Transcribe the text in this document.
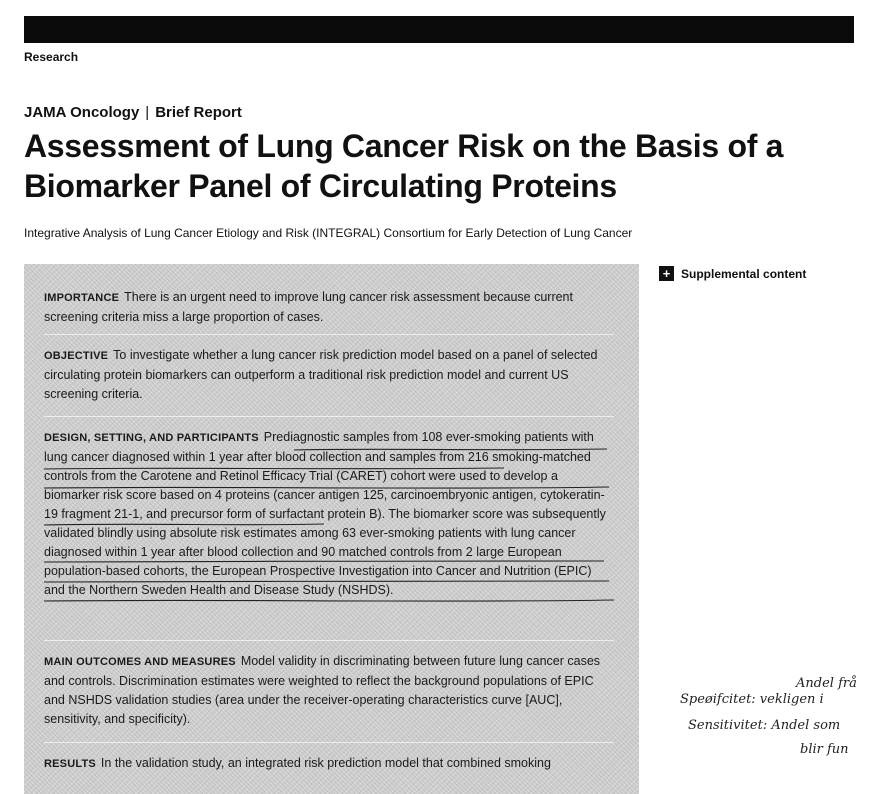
Research
JAMA Oncology | Brief Report
Assessment of Lung Cancer Risk on the Basis of a Biomarker Panel of Circulating Proteins
Integrative Analysis of Lung Cancer Etiology and Risk (INTEGRAL) Consortium for Early Detection of Lung Cancer

IMPORTANCE There is an urgent need to improve lung cancer risk assessment because current screening criteria miss a large proportion of cases.

OBJECTIVE To investigate whether a lung cancer risk prediction model based on a panel of selected circulating protein biomarkers can outperform a traditional risk prediction model and current US screening criteria.

DESIGN, SETTING, AND PARTICIPANTS Prediagnostic samples from 108 ever-smoking patients with lung cancer diagnosed within 1 year after blood collection and samples from 216 smoking-matched controls from the Carotene and Retinol Efficacy Trial (CARET) cohort were used to develop a biomarker risk score based on 4 proteins (cancer antigen 125, carcinoembryonic antigen, cytokeratin-19 fragment 21-1, and precursor form of surfactant protein B). The biomarker score was subsequently validated blindly using absolute risk estimates among 63 ever-smoking patients with lung cancer diagnosed within 1 year after blood collection and 90 matched controls from 2 large European population-based cohorts, the European Prospective Investigation into Cancer and Nutrition (EPIC) and the Northern Sweden Health and Disease Study (NSHDS).

MAIN OUTCOMES AND MEASURES Model validity in discriminating between future lung cancer cases and controls. Discrimination estimates were weighted to reflect the background populations of EPIC and NSHDS validation studies (area under the receiver-operating characteristics curve [AUC], sensitivity, and specificity).

RESULTS In the validation study, an integrated risk prediction model that combined smoking

+ Supplemental content
Andel frå
Speøifcitet: vekligen i
Sensitivitet: Andel som
blir fun
